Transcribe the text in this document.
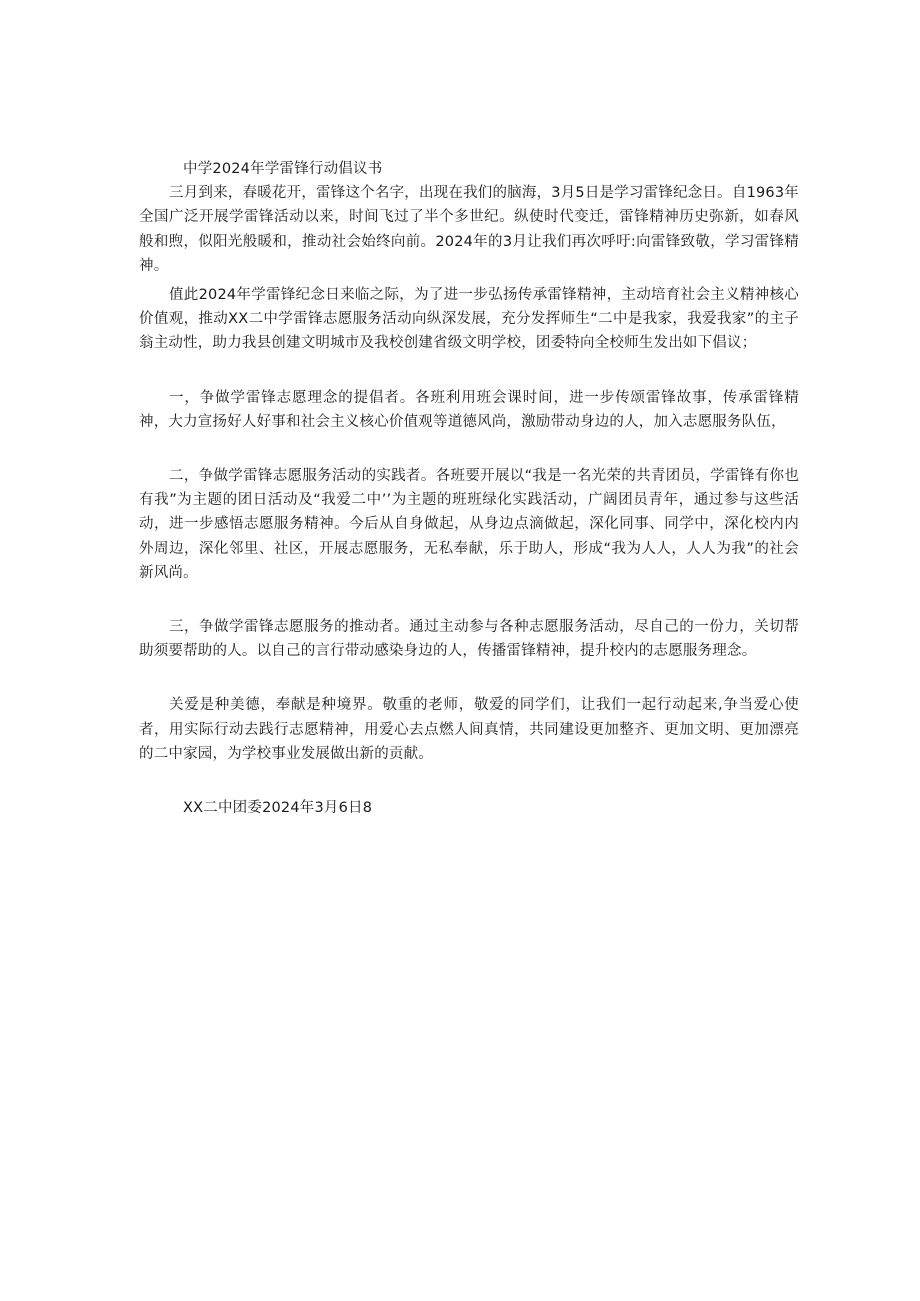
中学2024年学雷锋行动倡议书

三月到来，春暖花开，雷锋这个名字，出现在我们的脑海，3月5日是学习雷锋纪念日。自1963年全国广泛开展学雷锋活动以来，时间飞过了半个多世纪。纵使时代变迁，雷锋精神历史弥新，如春风般和煦，似阳光般暖和，推动社会始终向前。2024年的3月让我们再次呼吁:向雷锋致敬，学习雷锋精神。

值此2024年学雷锋纪念日来临之际，为了进一步弘扬传承雷锋精神，主动培育社会主义精神核心价值观，推动XX二中学雷锋志愿服务活动向纵深发展，充分发挥师生“二中是我家，我爱我家”的主子翁主动性，助力我县创建文明城市及我校创建省级文明学校，团委特向全校师生发出如下倡议；

一，争做学雷锋志愿理念的提倡者。各班利用班会课时间，进一步传颂雷锋故事，传承雷锋精神，大力宣扬好人好事和社会主义核心价值观等道德风尚，激励带动身边的人，加入志愿服务队伍，

二，争做学雷锋志愿服务活动的实践者。各班要开展以“我是一名光荣的共青团员，学雷锋有你也有我”为主题的团日活动及“我爱二中’’为主题的班班绿化实践活动，广阔团员青年，通过参与这些活动，进一步感悟志愿服务精神。今后从自身做起，从身边点滴做起，深化同事、同学中，深化校内内外周边，深化邻里、社区，开展志愿服务，无私奉献，乐于助人，形成“我为人人，人人为我”的社会新风尚。

三，争做学雷锋志愿服务的推动者。通过主动参与各种志愿服务活动，尽自己的一份力，关切帮助须要帮助的人。以自己的言行带动感染身边的人，传播雷锋精神，提升校内的志愿服务理念。

关爱是种美德，奉献是种境界。敬重的老师，敬爱的同学们，让我们一起行动起来,争当爱心使者，用实际行动去践行志愿精神，用爱心去点燃人间真情，共同建设更加整齐、更加文明、更加漂亮的二中家园，为学校事业发展做出新的贡献。

XX二中团委2024年3月6日8
